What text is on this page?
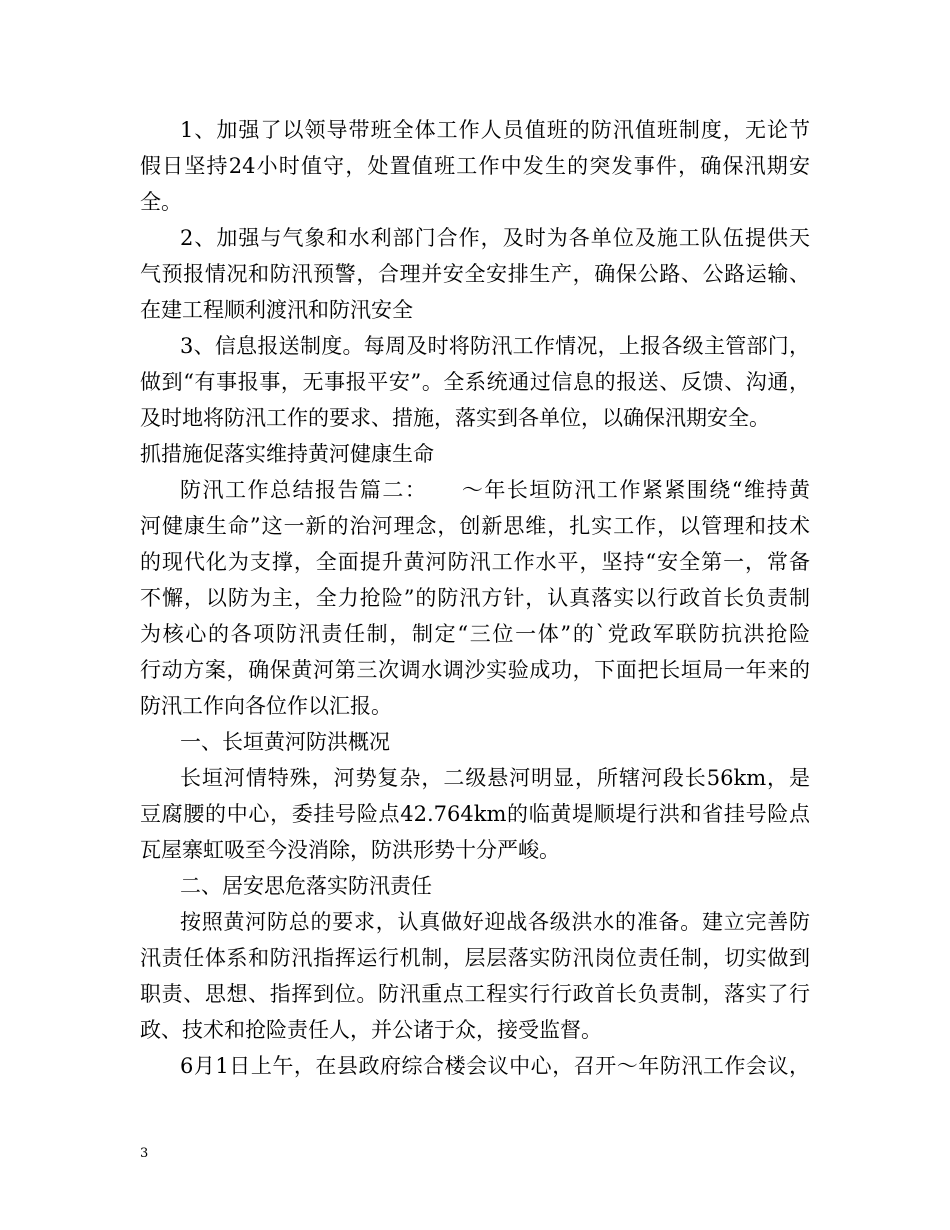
1、加强了以领导带班全体工作人员值班的防汛值班制度，无论节
假日坚持24小时值守，处置值班工作中发生的突发事件，确保汛期安
全。
2、加强与气象和水利部门合作，及时为各单位及施工队伍提供天
气预报情况和防汛预警，合理并安全安排生产，确保公路、公路运输、
在建工程顺利渡汛和防汛安全
3、信息报送制度。每周及时将防汛工作情况，上报各级主管部门，
做到“有事报事，无事报平安”。全系统通过信息的报送、反馈、沟通，
及时地将防汛工作的要求、措施，落实到各单位，以确保汛期安全。
抓措施促落实维持黄河健康生命
防汛工作总结报告篇二：　　～年长垣防汛工作紧紧围绕“维持黄
河健康生命”这一新的治河理念，创新思维，扎实工作，以管理和技术
的现代化为支撑，全面提升黄河防汛工作水平，坚持“安全第一，常备
不懈，以防为主，全力抢险”的防汛方针，认真落实以行政首长负责制
为核心的各项防汛责任制，制定“三位一体”的`党政军联防抗洪抢险
行动方案，确保黄河第三次调水调沙实验成功，下面把长垣局一年来的
防汛工作向各位作以汇报。
一、长垣黄河防洪概况
长垣河情特殊，河势复杂，二级悬河明显，所辖河段长56km，是
豆腐腰的中心，委挂号险点42.764km的临黄堤顺堤行洪和省挂号险点
瓦屋寨虹吸至今没消除，防洪形势十分严峻。
二、居安思危落实防汛责任
按照黄河防总的要求，认真做好迎战各级洪水的准备。建立完善防
汛责任体系和防汛指挥运行机制，层层落实防汛岗位责任制，切实做到
职责、思想、指挥到位。防汛重点工程实行行政首长负责制，落实了行
政、技术和抢险责任人，并公诸于众，接受监督。
6月1日上午，在县政府综合楼会议中心，召开～年防汛工作会议，
3
